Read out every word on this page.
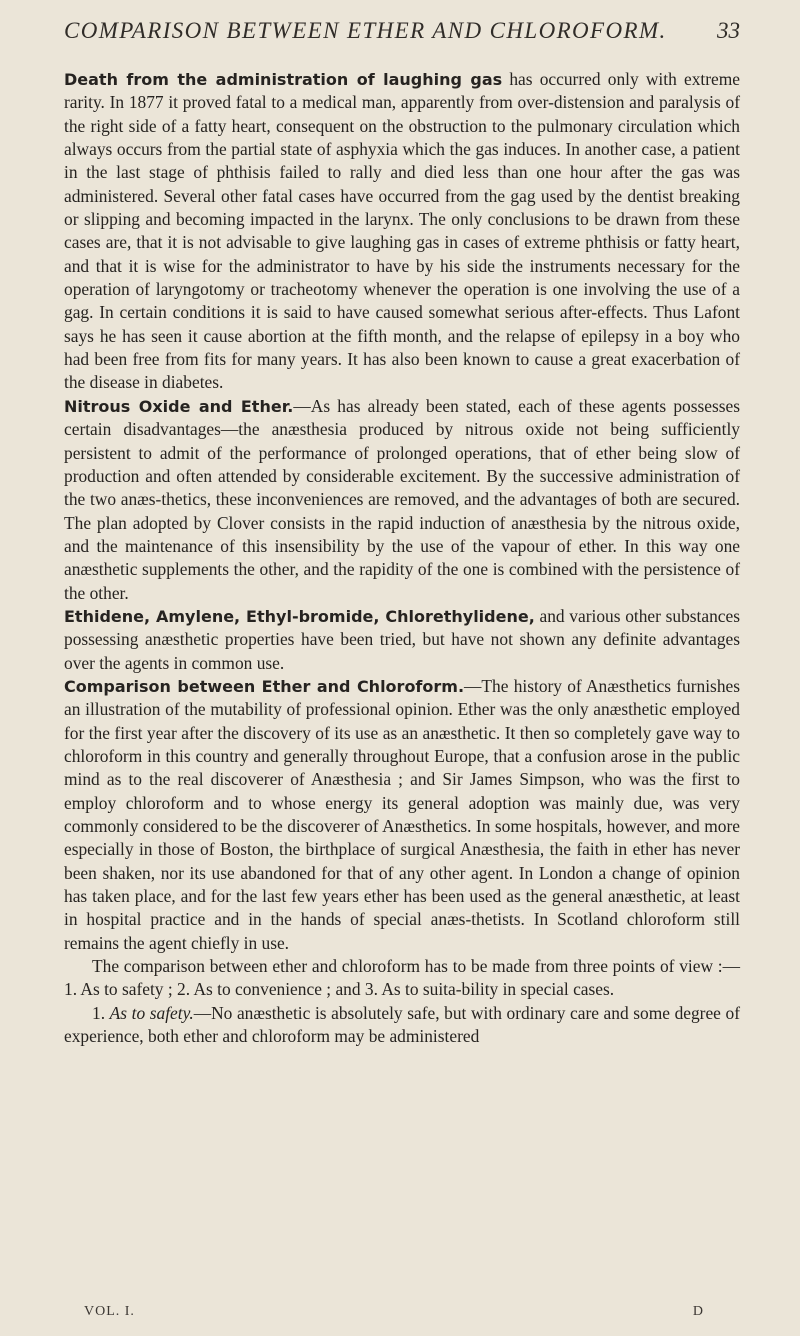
COMPARISON BETWEEN ETHER AND CHLOROFORM. 33

Death from the administration of laughing gas has occurred only with extreme rarity. In 1877 it proved fatal to a medical man, apparently from over-distension and paralysis of the right side of a fatty heart, consequent on the obstruction to the pulmonary circulation which always occurs from the partial state of asphyxia which the gas induces. In another case, a patient in the last stage of phthisis failed to rally and died less than one hour after the gas was administered. Several other fatal cases have occurred from the gag used by the dentist breaking or slipping and becoming impacted in the larynx. The only conclusions to be drawn from these cases are, that it is not advisable to give laughing gas in cases of extreme phthisis or fatty heart, and that it is wise for the administrator to have by his side the instruments necessary for the operation of laryngotomy or tracheotomy whenever the operation is one involving the use of a gag. In certain conditions it is said to have caused somewhat serious after-effects. Thus Lafont says he has seen it cause abortion at the fifth month, and the relapse of epilepsy in a boy who had been free from fits for many years. It has also been known to cause a great exacerbation of the disease in diabetes.

Nitrous Oxide and Ether.—As has already been stated, each of these agents possesses certain disadvantages—the anæsthesia produced by nitrous oxide not being sufficiently persistent to admit of the performance of prolonged operations, that of ether being slow of production and often attended by considerable excitement. By the successive administration of the two anæs-thetics, these inconveniences are removed, and the advantages of both are secured. The plan adopted by Clover consists in the rapid induction of anæsthesia by the nitrous oxide, and the maintenance of this insensibility by the use of the vapour of ether. In this way one anæsthetic supplements the other, and the rapidity of the one is combined with the persistence of the other.

Ethidene, Amylene, Ethyl-bromide, Chlorethylidene, and various other substances possessing anæsthetic properties have been tried, but have not shown any definite advantages over the agents in common use.

Comparison between Ether and Chloroform.—The history of Anæsthetics furnishes an illustration of the mutability of professional opinion. Ether was the only anæsthetic employed for the first year after the discovery of its use as an anæsthetic. It then so completely gave way to chloroform in this country and generally throughout Europe, that a confusion arose in the public mind as to the real discoverer of Anæsthesia ; and Sir James Simpson, who was the first to employ chloroform and to whose energy its general adoption was mainly due, was very commonly considered to be the discoverer of Anæsthetics. In some hospitals, however, and more especially in those of Boston, the birthplace of surgical Anæsthesia, the faith in ether has never been shaken, nor its use abandoned for that of any other agent. In London a change of opinion has taken place, and for the last few years ether has been used as the general anæsthetic, at least in hospital practice and in the hands of special anæs-thetists. In Scotland chloroform still remains the agent chiefly in use.

The comparison between ether and chloroform has to be made from three points of view :—1. As to safety ; 2. As to convenience ; and 3. As to suita-bility in special cases.

1. As to safety.—No anæsthetic is absolutely safe, but with ordinary care and some degree of experience, both ether and chloroform may be administered

VOL. I.	D
